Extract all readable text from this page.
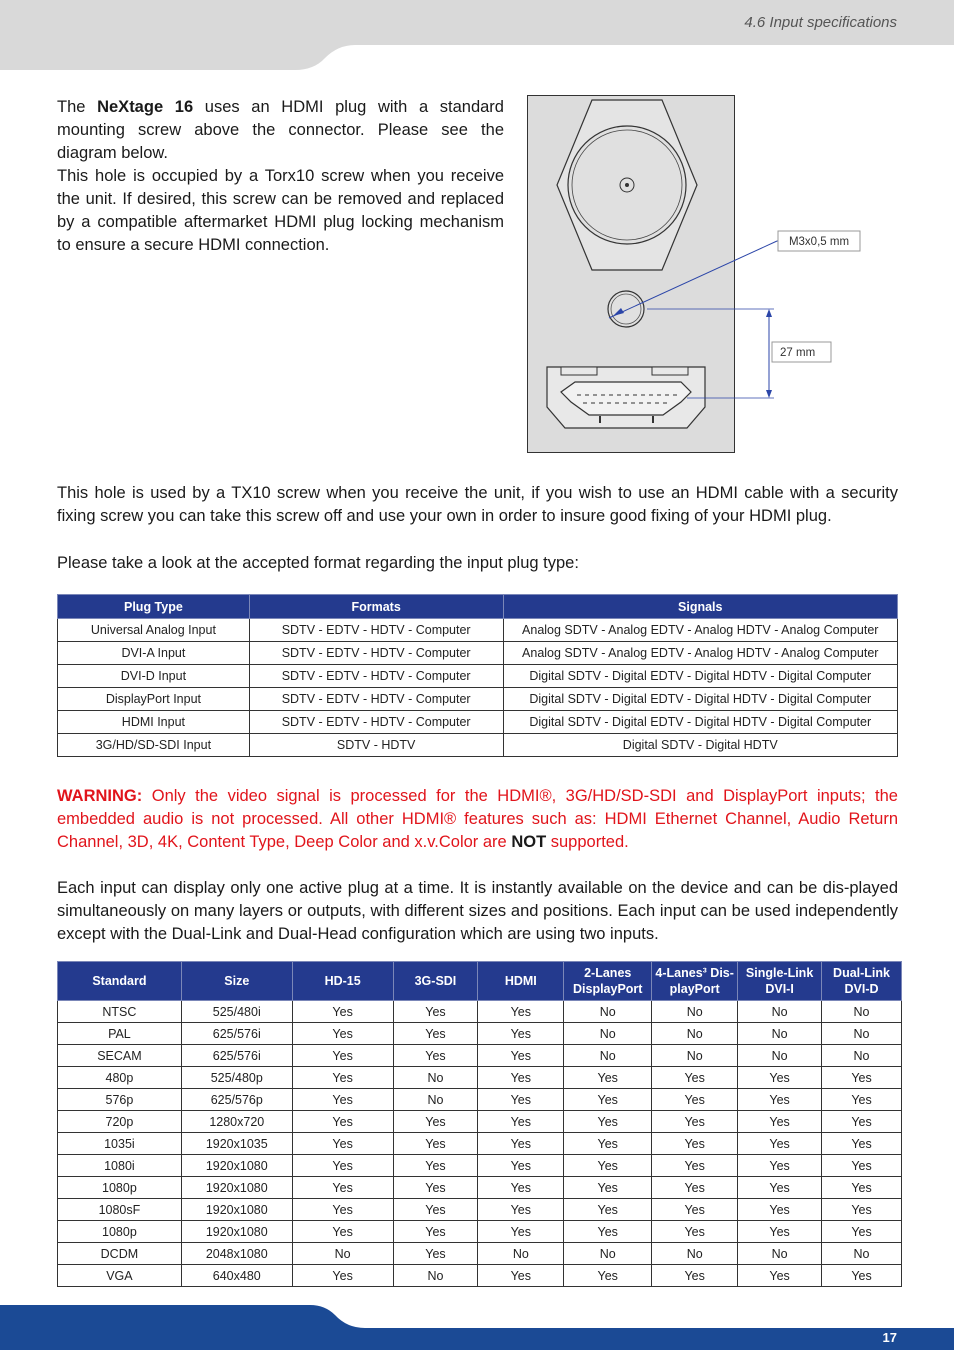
4.6 Input specifications

The NeXtage 16 uses an HDMI plug with a standard mounting screw above the connector. Please see the diagram below.

This hole is occupied by a Torx10 screw when you receive the unit. If desired, this screw can be removed and replaced by a compatible aftermarket HDMI plug locking mechanism to ensure a secure HDMI connection.	M3x0,5 mm
27 mm

This hole is used by a TX10 screw when you receive the unit, if you wish to use an HDMI cable with a security fixing screw you can take this screw off and use your own in order to insure good fixing of your HDMI plug.

Please take a look at the accepted format regarding the input plug type:

Plug Type	Formats	Signals
Universal Analog Input	SDTV - EDTV - HDTV - Computer	Analog SDTV - Analog EDTV - Analog HDTV - Analog Computer
DVI-A Input	SDTV - EDTV - HDTV - Computer	Analog SDTV - Analog EDTV - Analog HDTV - Analog Computer
DVI-D Input	SDTV - EDTV - HDTV - Computer	Digital SDTV - Digital EDTV - Digital HDTV - Digital Computer
DisplayPort Input	SDTV - EDTV - HDTV - Computer	Digital SDTV - Digital EDTV - Digital HDTV - Digital Computer
HDMI Input	SDTV - EDTV - HDTV - Computer	Digital SDTV - Digital EDTV - Digital HDTV - Digital Computer
3G/HD/SD-SDI Input	SDTV - HDTV	Digital SDTV - Digital HDTV

WARNING: Only the video signal is processed for the HDMI®, 3G/HD/SD-SDI and DisplayPort inputs; the embedded audio is not processed. All other HDMI® features such as: HDMI Ethernet Channel, Audio Return Channel, 3D, 4K, Content Type, Deep Color and x.v.Color are NOT supported.

Each input can display only one active plug at a time. It is instantly available on the device and can be dis-played simultaneously on many layers or outputs, with different sizes and positions. Each input can be used independently except with the Dual-Link and Dual-Head configuration which are using two inputs.

Standard	Size	HD-15	3G-SDI	HDMI	2-Lanes DisplayPort	4-Lanes³ Dis-playPort	Single-Link DVI-I	Dual-Link DVI-D
NTSC	525/480i	Yes	Yes	Yes	No	No	No	No
PAL	625/576i	Yes	Yes	Yes	No	No	No	No
SECAM	625/576i	Yes	Yes	Yes	No	No	No	No
480p	525/480p	Yes	No	Yes	Yes	Yes	Yes	Yes
576p	625/576p	Yes	No	Yes	Yes	Yes	Yes	Yes
720p	1280x720	Yes	Yes	Yes	Yes	Yes	Yes	Yes
1035i	1920x1035	Yes	Yes	Yes	Yes	Yes	Yes	Yes
1080i	1920x1080	Yes	Yes	Yes	Yes	Yes	Yes	Yes
1080p	1920x1080	Yes	Yes	Yes	Yes	Yes	Yes	Yes
1080sF	1920x1080	Yes	Yes	Yes	Yes	Yes	Yes	Yes
1080p	1920x1080	Yes	Yes	Yes	Yes	Yes	Yes	Yes
DCDM	2048x1080	No	Yes	No	No	No	No	No
VGA	640x480	Yes	No	Yes	Yes	Yes	Yes	Yes
17
